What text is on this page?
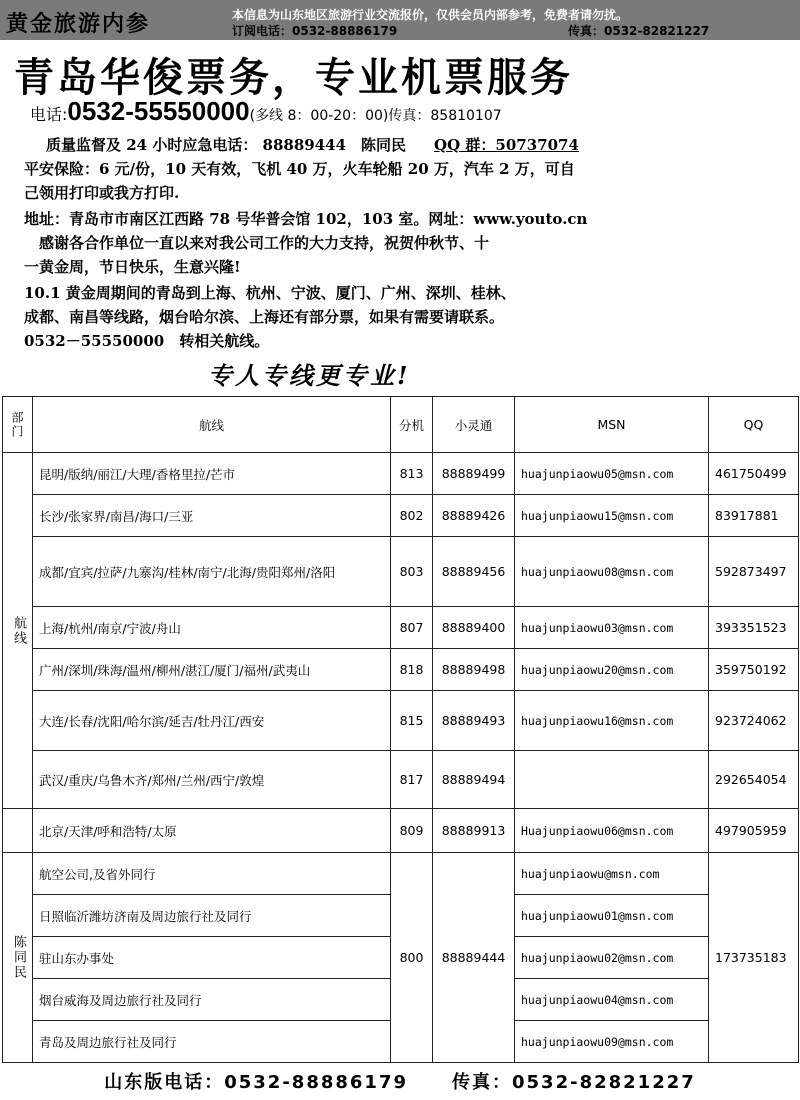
黄金旅游内参	本信息为山东地区旅游行业交流报价，仅供会员内部参考，免费者请勿扰。
订阅电话：0532-88886179	传真：0532-82821227
青岛华俊票务，专业机票服务
电话:0532-55550000(多线 8：00-20：00)传真：85810107
质量监督及 24 小时应急电话： 88889444　陈同民 QQ 群：50737074
平安保险：6 元/份，10 天有效，飞机 40 万，火车轮船 20 万，汽车 2 万，可自
己领用打印或我方打印.
地址：青岛市市南区江西路 78 号华普会馆 102，103 室。网址：www.youto.cn
　感谢各合作单位一直以来对我公司工作的大力支持，祝贺仲秋节、十
一黄金周，节日快乐，生意兴隆!
10.1 黄金周期间的青岛到上海、杭州、宁波、厦门、广州、深圳、桂林、
成都、南昌等线路，烟台哈尔滨、上海还有部分票，如果有需要请联系。
0532－55550000　转相关航线。
专人专线更专业!
部门	航线	分机	小灵通	MSN	QQ

航线	昆明/版纳/丽江/大理/香格里拉/芒市	813	88889499	huajunpiaowu05@msn.com	461750499
	长沙/张家界/南昌/海口/三亚	802	88889426	huajunpiaowu15@msn.com	83917881
	成都/宜宾/拉萨/九寨沟/桂林/南宁/北海/贵阳郑州/洛阳	803	88889456	huajunpiaowu08@msn.com	592873497
	上海/杭州/南京/宁波/舟山	807	88889400	huajunpiaowu03@msn.com	393351523
	广州/深圳/珠海/温州/柳州/湛江/厦门/福州/武夷山	818	88889498	huajunpiaowu20@msn.com	359750192
	大连/长春/沈阳/哈尔滨/延吉/牡丹江/西安	815	88889493	huajunpiaowu16@msn.com	923724062
	武汉/重庆/乌鲁木齐/郑州/兰州/西宁/敦煌	817	88889494		292654054
	北京/天津/呼和浩特/太原	809	88889913	Huajunpiaowu06@msn.com	497905959

陈同民	航空公司,及省外同行	800	88889444	huajunpiaowu@msn.com	173735183
	日照临沂潍坊济南及周边旅行社及同行			huajunpiaowu01@msn.com	
	驻山东办事处			huajunpiaowu02@msn.com	
	烟台威海及周边旅行社及同行			huajunpiaowu04@msn.com	
	青岛及周边旅行社及同行			huajunpiaowu09@msn.com	
山东版电话：0532-88886179 传真：0532-82821227
